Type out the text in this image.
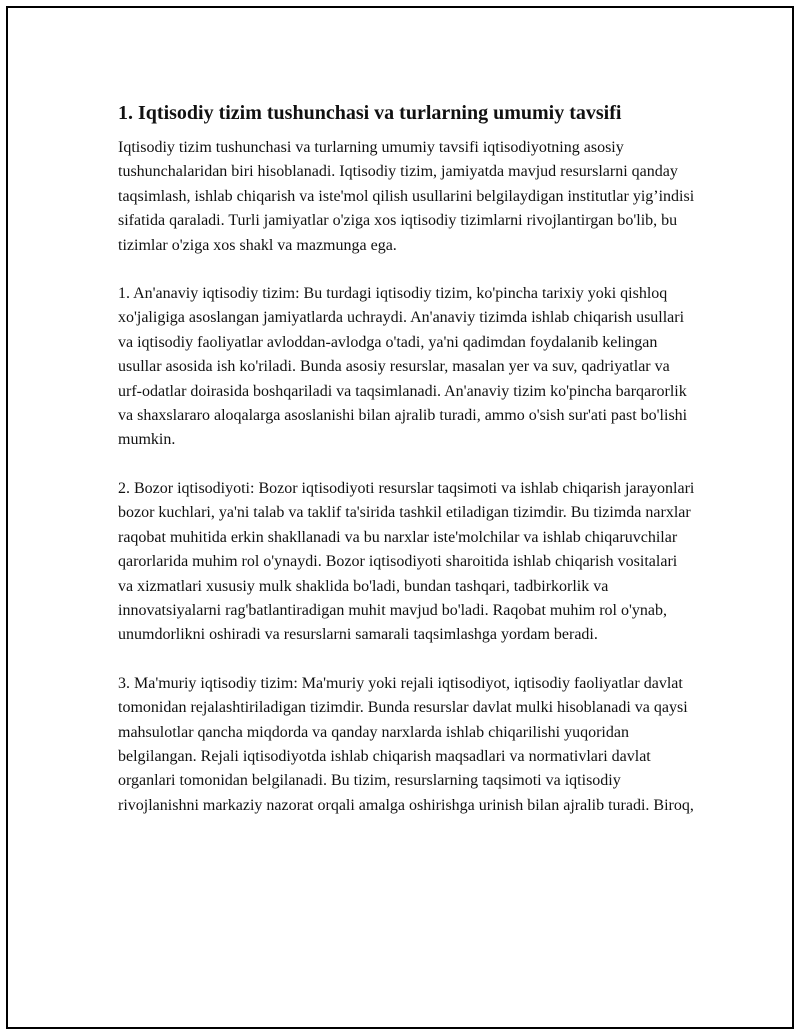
1. Iqtisodiy tizim tushunchasi va turlarning umumiy tavsifi

Iqtisodiy tizim tushunchasi va turlarning umumiy tavsifi iqtisodiyotning asosiy tushunchalaridan biri hisoblanadi. Iqtisodiy tizim, jamiyatda mavjud resurslarni qanday taqsimlash, ishlab chiqarish va iste'mol qilish usullarini belgilaydigan institutlar yig’indisi sifatida qaraladi. Turli jamiyatlar o'ziga xos iqtisodiy tizimlarni rivojlantirgan bo'lib, bu tizimlar o'ziga xos shakl va mazmunga ega.

1. An'anaviy iqtisodiy tizim: Bu turdagi iqtisodiy tizim, ko'pincha tarixiy yoki qishloq xo'jaligiga asoslangan jamiyatlarda uchraydi. An'anaviy tizimda ishlab chiqarish usullari va iqtisodiy faoliyatlar avloddan-avlodga o'tadi, ya'ni qadimdan foydalanib kelingan usullar asosida ish ko'riladi. Bunda asosiy resurslar, masalan yer va suv, qadriyatlar va urf-odatlar doirasida boshqariladi va taqsimlanadi. An'anaviy tizim ko'pincha barqarorlik va shaxslararo aloqalarga asoslanishi bilan ajralib turadi, ammo o'sish sur'ati past bo'lishi mumkin.

2. Bozor iqtisodiyoti: Bozor iqtisodiyoti resurslar taqsimoti va ishlab chiqarish jarayonlari bozor kuchlari, ya'ni talab va taklif ta'sirida tashkil etiladigan tizimdir. Bu tizimda narxlar raqobat muhitida erkin shakllanadi va bu narxlar iste'molchilar va ishlab chiqaruvchilar qarorlarida muhim rol o'ynaydi. Bozor iqtisodiyoti sharoitida ishlab chiqarish vositalari va xizmatlari xususiy mulk shaklida bo'ladi, bundan tashqari, tadbirkorlik va innovatsiyalarni rag'batlantiradigan muhit mavjud bo'ladi. Raqobat muhim rol o'ynab, unumdorlikni oshiradi va resurslarni samarali taqsimlashga yordam beradi.

3. Ma'muriy iqtisodiy tizim: Ma'muriy yoki rejali iqtisodiyot, iqtisodiy faoliyatlar davlat tomonidan rejalashtiriladigan tizimdir. Bunda resurslar davlat mulki hisoblanadi va qaysi mahsulotlar qancha miqdorda va qanday narxlarda ishlab chiqarilishi yuqoridan belgilangan. Rejali iqtisodiyotda ishlab chiqarish maqsadlari va normativlari davlat organlari tomonidan belgilanadi. Bu tizim, resurslarning taqsimoti va iqtisodiy rivojlanishni markaziy nazorat orqali amalga oshirishga urinish bilan ajralib turadi. Biroq,
